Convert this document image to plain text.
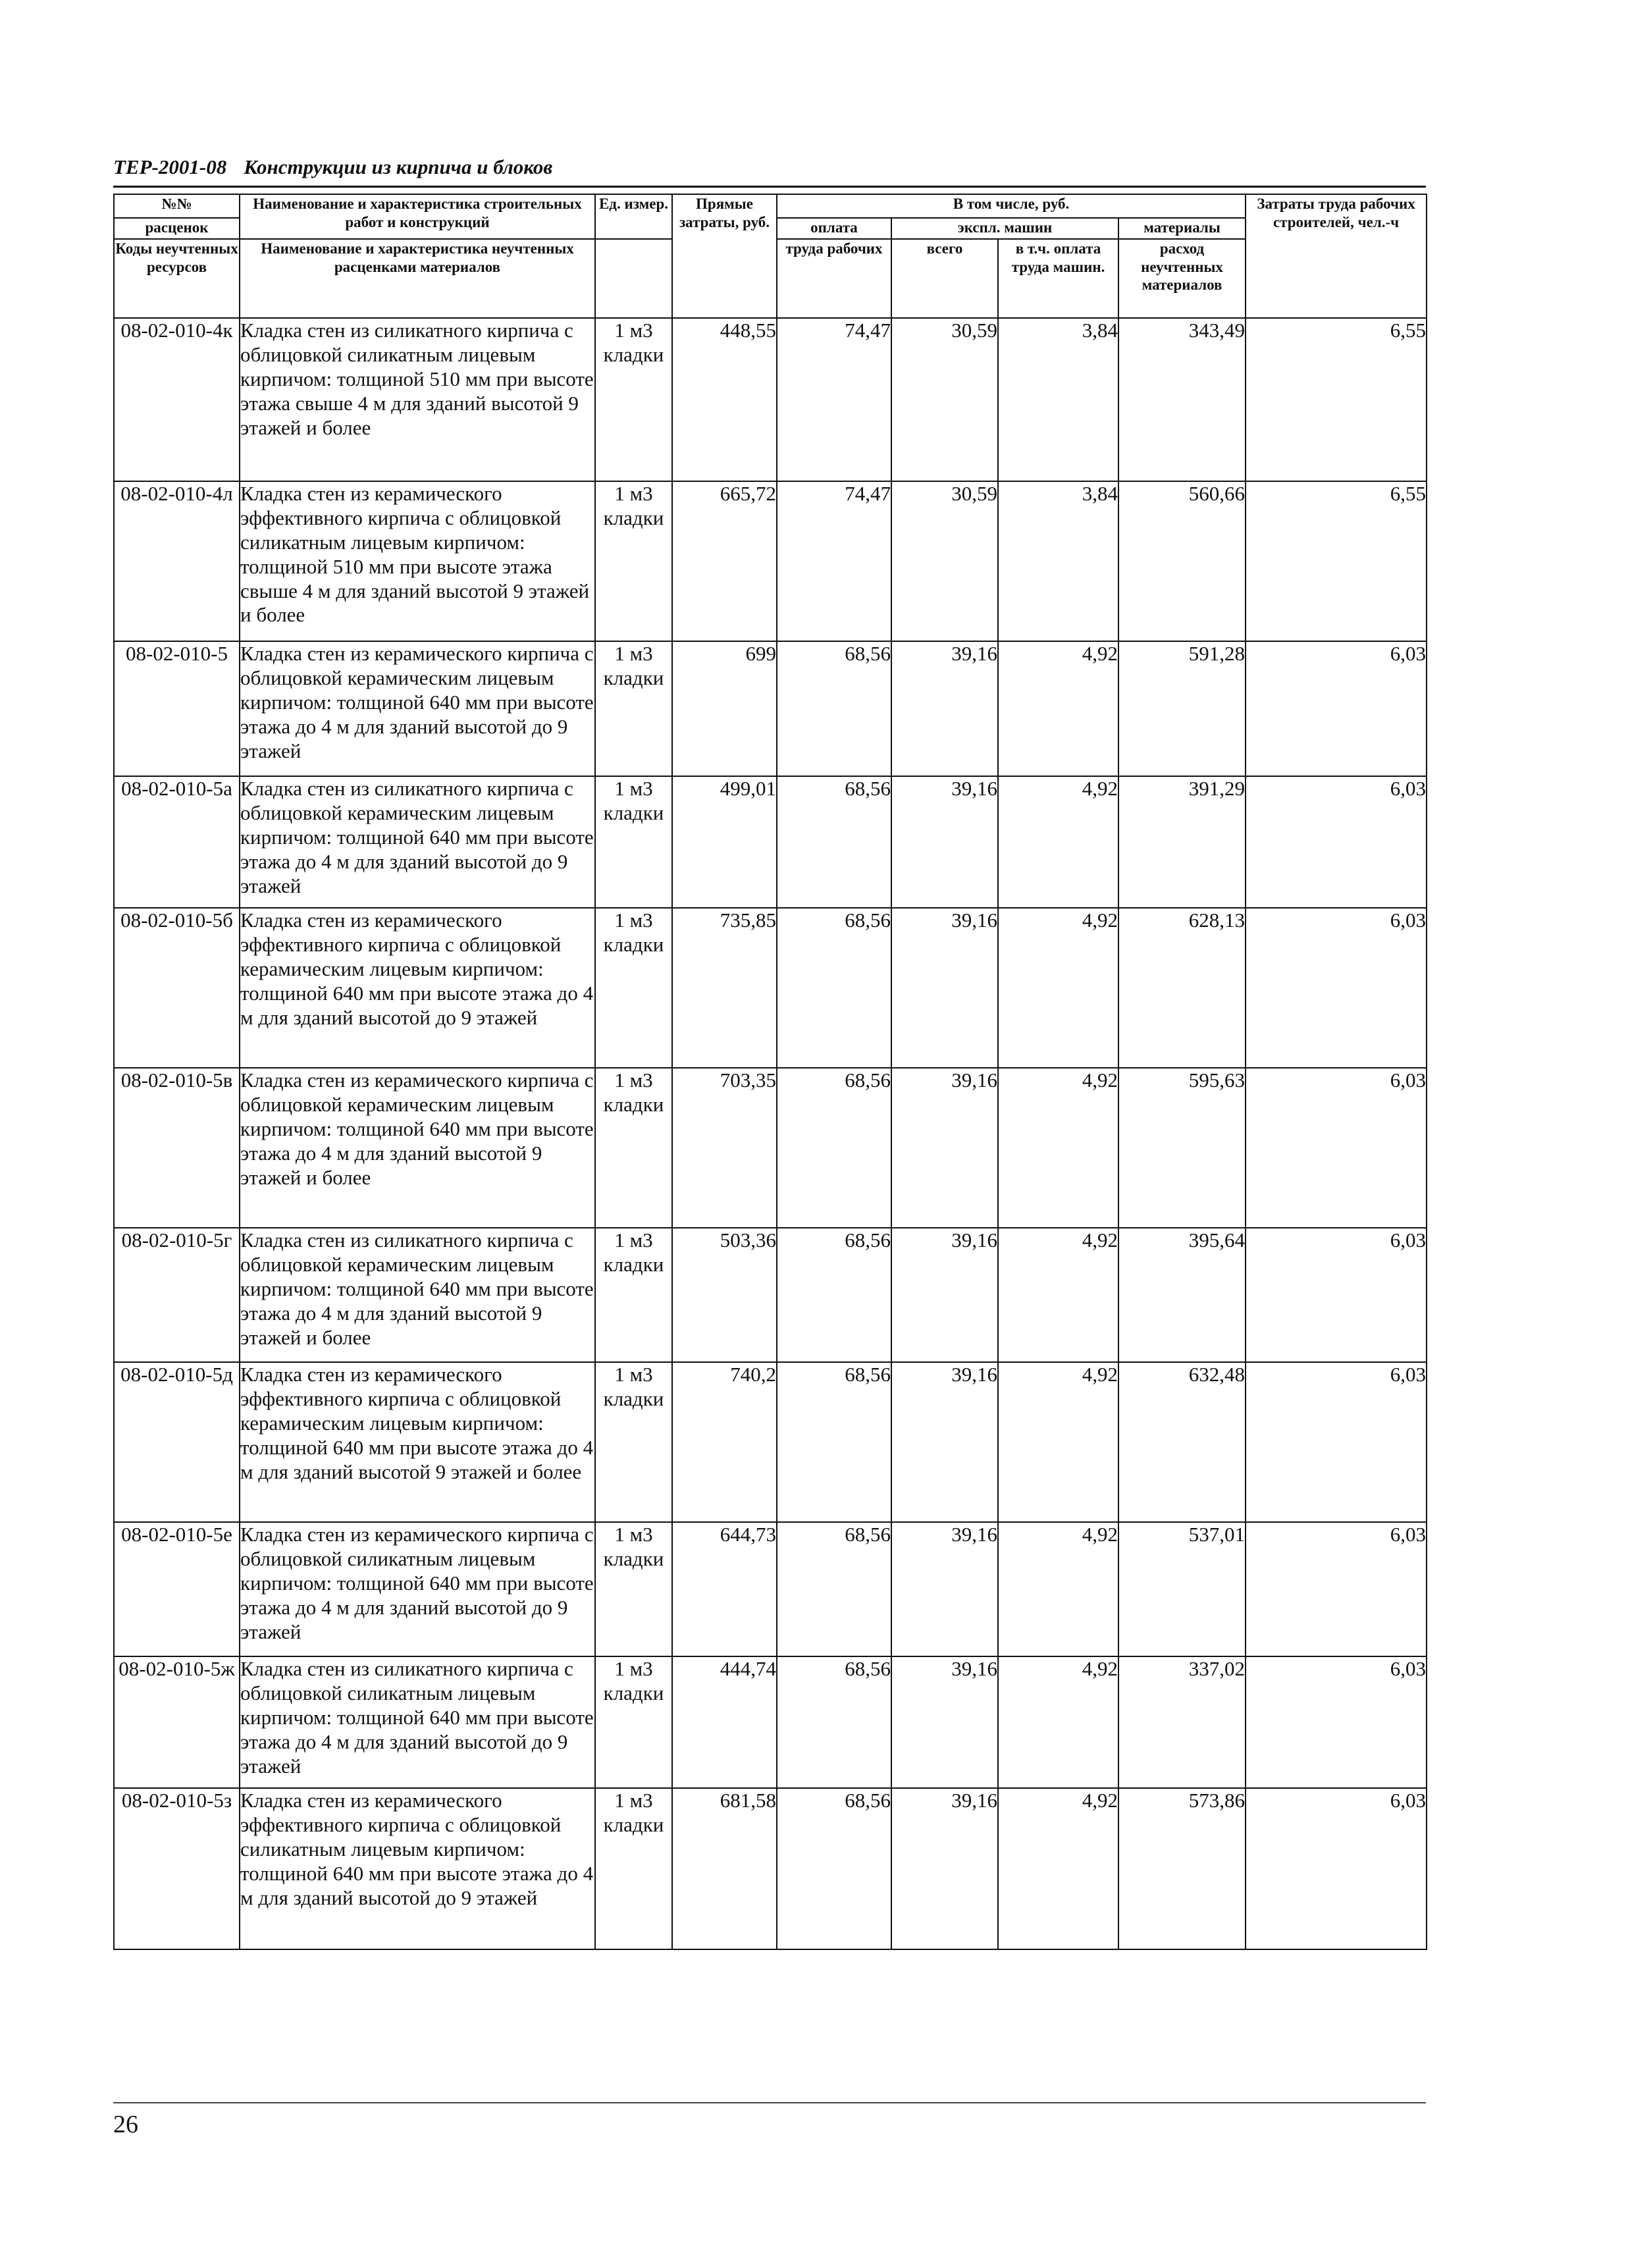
ТЕР-2001-08 Конструкции из кирпича и блоков
№№	Наименование и характеристика строительных работ и конструкций	Ед. измер.	Прямые затраты, руб.	В том числе, руб.				Затраты труда рабочих строителей, чел.-ч
расценок				оплата	экспл. машин		материалы	
Коды неучтенных ресурсов	Наименование и характеристика неучтенных расценками материалов			труда рабочих	всего	в т.ч. оплата труда машин.	расход неучтенных материалов	
08-02-010-4к	Кладка стен из силикатного кирпича с облицовкой силикатным лицевым кирпичом: толщиной 510 мм при высоте этажа свыше 4 м для зданий высотой 9 этажей и более	1 м3 кладки	448,55	74,47	30,59	3,84	343,49	6,55
08-02-010-4л	Кладка стен из керамического эффективного кирпича с облицовкой силикатным лицевым кирпичом: толщиной 510 мм при высоте этажа свыше 4 м для зданий высотой 9 этажей и более	1 м3 кладки	665,72	74,47	30,59	3,84	560,66	6,55
08-02-010-5	Кладка стен из керамического кирпича с облицовкой керамическим лицевым кирпичом: толщиной 640 мм при высоте этажа до 4 м для зданий высотой до 9 этажей	1 м3 кладки	699	68,56	39,16	4,92	591,28	6,03
08-02-010-5а	Кладка стен из силикатного кирпича с облицовкой керамическим лицевым кирпичом: толщиной 640 мм при высоте этажа до 4 м для зданий высотой до 9 этажей	1 м3 кладки	499,01	68,56	39,16	4,92	391,29	6,03
08-02-010-5б	Кладка стен из керамического эффективного кирпича с облицовкой керамическим лицевым кирпичом: толщиной 640 мм при высоте этажа до 4 м для зданий высотой до 9 этажей	1 м3 кладки	735,85	68,56	39,16	4,92	628,13	6,03
08-02-010-5в	Кладка стен из керамического кирпича с облицовкой керамическим лицевым кирпичом: толщиной 640 мм при высоте этажа до 4 м для зданий высотой 9 этажей и более	1 м3 кладки	703,35	68,56	39,16	4,92	595,63	6,03
08-02-010-5г	Кладка стен из силикатного кирпича с облицовкой керамическим лицевым кирпичом: толщиной 640 мм при высоте этажа до 4 м для зданий высотой 9 этажей и более	1 м3 кладки	503,36	68,56	39,16	4,92	395,64	6,03
08-02-010-5д	Кладка стен из керамического эффективного кирпича с облицовкой керамическим лицевым кирпичом: толщиной 640 мм при высоте этажа до 4 м для зданий высотой 9 этажей и более	1 м3 кладки	740,2	68,56	39,16	4,92	632,48	6,03
08-02-010-5е	Кладка стен из керамического кирпича с облицовкой силикатным лицевым кирпичом: толщиной 640 мм при высоте этажа до 4 м для зданий высотой до 9 этажей	1 м3 кладки	644,73	68,56	39,16	4,92	537,01	6,03
08-02-010-5ж	Кладка стен из силикатного кирпича с облицовкой силикатным лицевым кирпичом: толщиной 640 мм при высоте этажа до 4 м для зданий высотой до 9 этажей	1 м3 кладки	444,74	68,56	39,16	4,92	337,02	6,03
08-02-010-5з	Кладка стен из керамического эффективного кирпича с облицовкой силикатным лицевым кирпичом: толщиной 640 мм при высоте этажа до 4 м для зданий высотой до 9 этажей	1 м3 кладки	681,58	68,56	39,16	4,92	573,86	6,03
26
